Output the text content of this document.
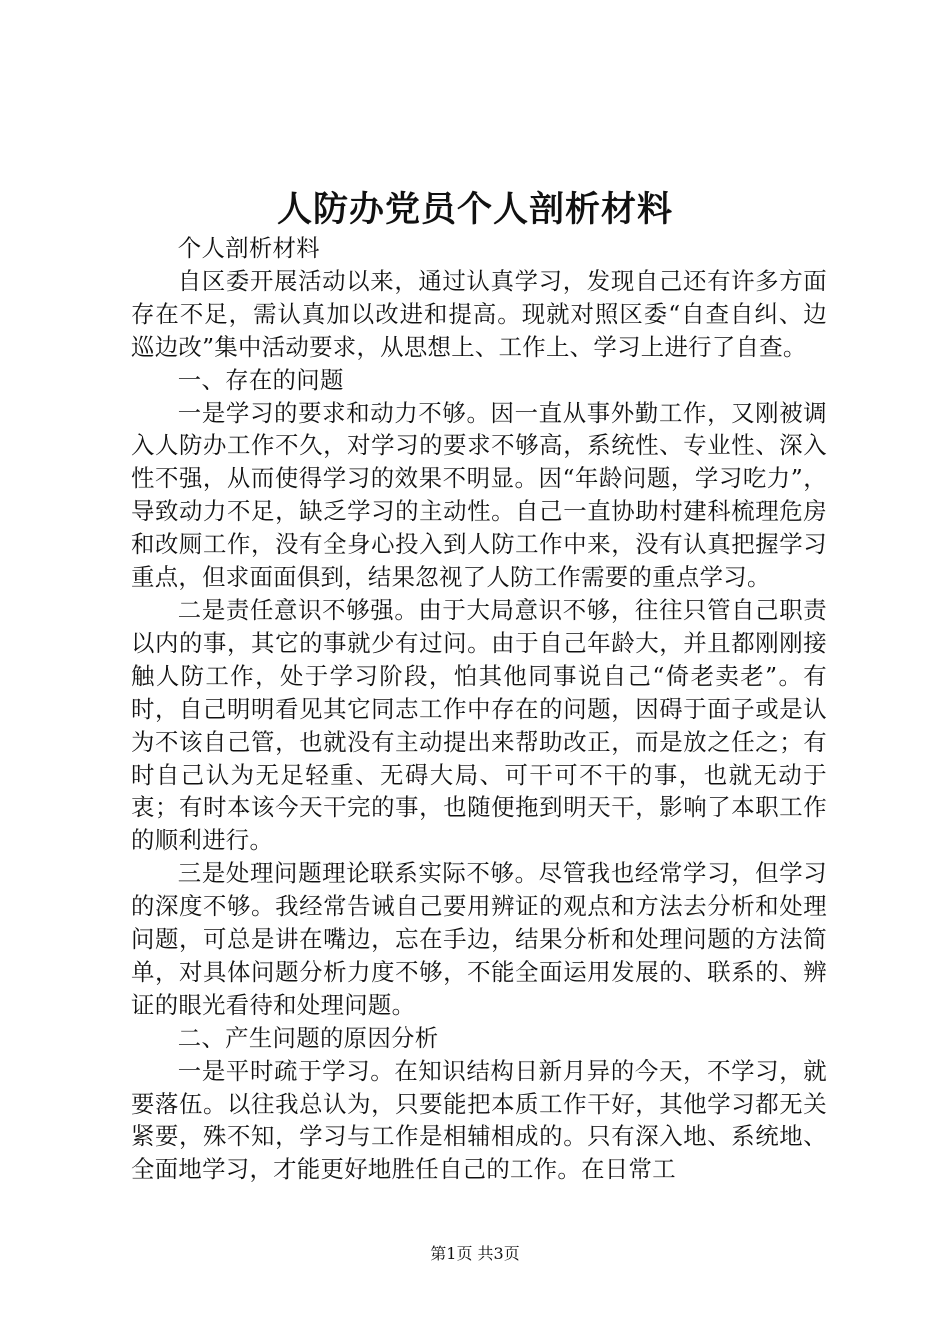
人防办党员个人剖析材料

个人剖析材料

自区委开展活动以来，通过认真学习，发现自己还有许多方面存在不足，需认真加以改进和提高。现就对照区委“自查自纠、边巡边改”集中活动要求，从思想上、工作上、学习上进行了自查。

一、存在的问题

一是学习的要求和动力不够。因一直从事外勤工作，又刚被调入人防办工作不久，对学习的要求不够高，系统性、专业性、深入性不强，从而使得学习的效果不明显。因“年龄问题，学习吃力”，导致动力不足，缺乏学习的主动性。自己一直协助村建科梳理危房和改厕工作，没有全身心投入到人防工作中来，没有认真把握学习重点，但求面面俱到，结果忽视了人防工作需要的重点学习。

二是责任意识不够强。由于大局意识不够，往往只管自己职责以内的事，其它的事就少有过问。由于自己年龄大，并且都刚刚接触人防工作，处于学习阶段，怕其他同事说自己“倚老卖老”。有时，自己明明看见其它同志工作中存在的问题，因碍于面子或是认为不该自己管，也就没有主动提出来帮助改正，而是放之任之；有时自己认为无足轻重、无碍大局、可干可不干的事，也就无动于衷；有时本该今天干完的事，也随便拖到明天干，影响了本职工作的顺利进行。

三是处理问题理论联系实际不够。尽管我也经常学习，但学习的深度不够。我经常告诫自己要用辨证的观点和方法去分析和处理问题，可总是讲在嘴边，忘在手边，结果分析和处理问题的方法简单，对具体问题分析力度不够，不能全面运用发展的、联系的、辨证的眼光看待和处理问题。

二、产生问题的原因分析

一是平时疏于学习。在知识结构日新月异的今天，不学习，就要落伍。以往我总认为，只要能把本质工作干好，其他学习都无关紧要，殊不知，学习与工作是相辅相成的。只有深入地、系统地、全面地学习，才能更好地胜任自己的工作。在日常工

第1页 共3页
